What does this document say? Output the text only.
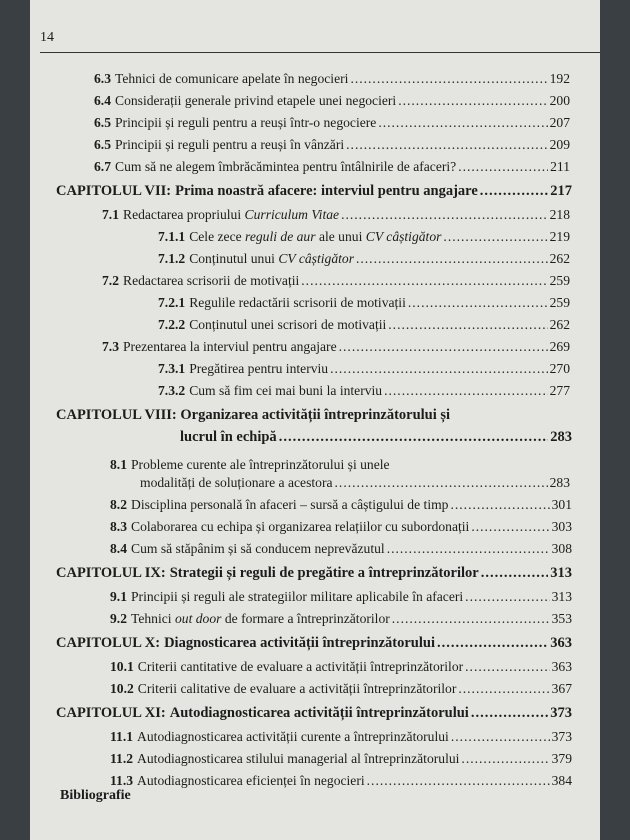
14
6.3 Tehnici de comunicare apelate în negocieri .....	192
6.4 Considerații generale privind etapele unei negocieri .....	200
6.5 Principii și reguli pentru a reuși într-o negociere .....	207
6.5 Principii și reguli pentru a reuși în vânzări .....	209
6.7 Cum să ne alegem îmbrăcămintea pentru întâlnirile de afaceri? .....	211
CAPITOLUL VII: Prima noastră afacere: interviul pentru angajare .....	217
7.1 Redactarea propriului
Curriculum Vitae .....	218
7.1.1 Cele zece
reguli de aur
ale unui
CV câștigător .....	219
7.1.2 Conținutul unui
CV câștigător .....	262
7.2 Redactarea scrisorii de motivații .....	259
7.2.1 Regulile redactării scrisorii de motivații .....	259
7.2.2 Conținutul unei scrisori de motivații .....	262
7.3 Prezentarea la interviul pentru angajare .....	269
7.3.1 Pregătirea pentru interviu .....	270
7.3.2 Cum să fim cei mai buni la interviu .....	277
CAPITOLUL VIII: Organizarea activității întreprinzătorului și
lucrul în echipă .....	283
8.1 Probleme curente ale întreprinzătorului și unele
modalități de soluționare a acestora .....	283
8.2 Disciplina personală în afaceri – sursă a câștigului de timp .....	301
8.3 Colaborarea cu echipa și organizarea relațiilor cu subordonații .....	303
8.4 Cum să stăpânim și să conducem neprevăzutul .....	308
CAPITOLUL IX: Strategii și reguli de pregătire a întreprinzătorilor .....	313
9.1 Principii și reguli ale strategiilor militare aplicabile în afaceri .....	313
9.2 Tehnici
out door
de formare a întreprinzătorilor .....	353
CAPITOLUL X: Diagnosticarea activității întreprinzătorului .....	363
10.1 Criterii cantitative de evaluare a activității întreprinzătorilor .....	363
10.2 Criterii calitative de evaluare a activității întreprinzătorilor .....	367
CAPITOLUL XI: Autodiagnosticarea activității întreprinzătorului .....	373
11.1 Autodiagnosticarea activității curente a întreprinzătorului .....	373
11.2 Autodiagnosticarea stilului managerial al întreprinzătorului .....	379
11.3 Autodiagnosticarea eficienței în negocieri .....	384
Bibliografie
